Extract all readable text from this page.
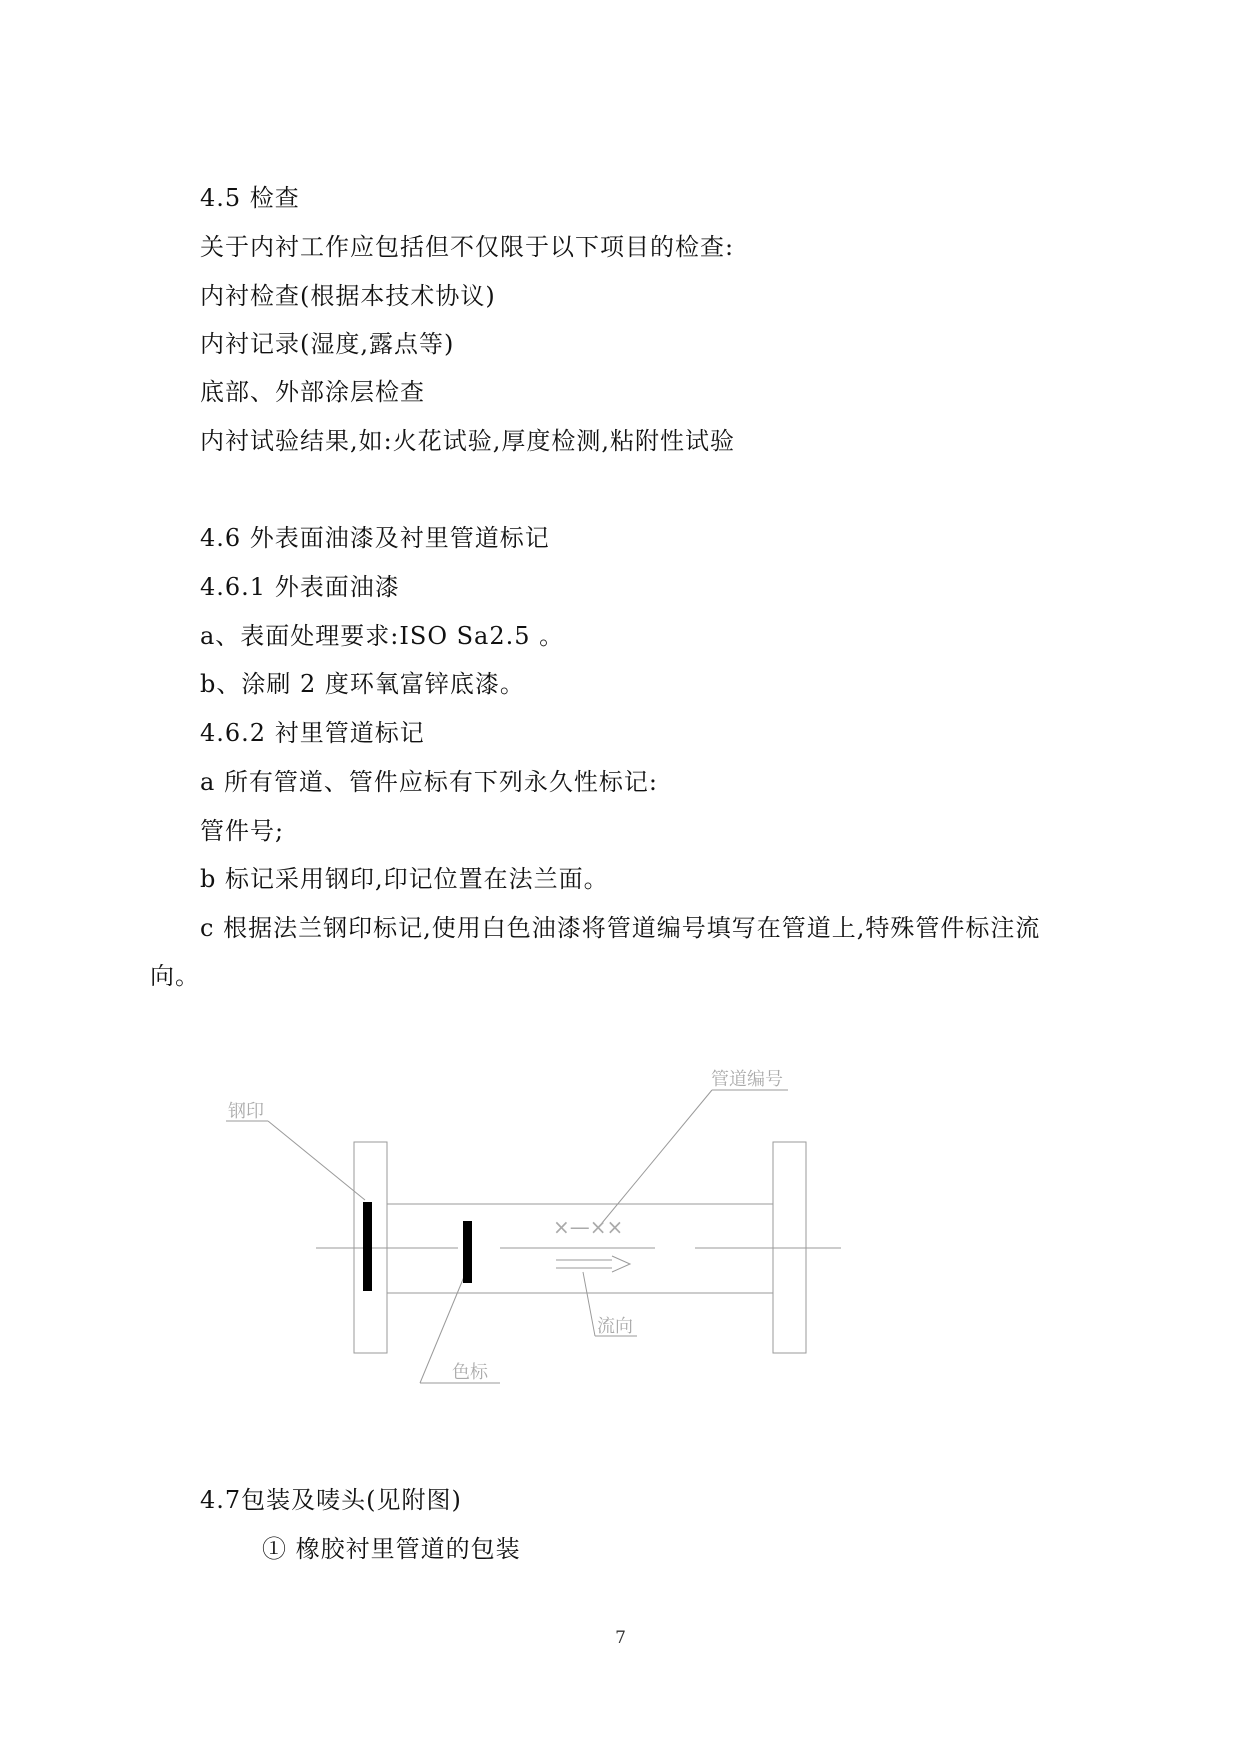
4.5 检查
关于内衬工作应包括但不仅限于以下项目的检查:
内衬检查(根据本技术协议)
内衬记录(湿度,露点等)
底部、外部涂层检查
内衬试验结果,如:火花试验,厚度检测,粘附性试验
4.6 外表面油漆及衬里管道标记
4.6.1 外表面油漆
a、表面处理要求:ISO Sa2.5 。
b、涂刷 2 度环氧富锌底漆。
4.6.2 衬里管道标记
a 所有管道、管件应标有下列永久性标记:
管件号;
b 标记采用钢印,印记位置在法兰面。
c 根据法兰钢印标记,使用白色油漆将管道编号填写在管道上,特殊管件标注流
向。
管道编号
钢印
×—××
流向
色标
4.7包装及唛头(见附图)
① 橡胶衬里管道的包装
7
